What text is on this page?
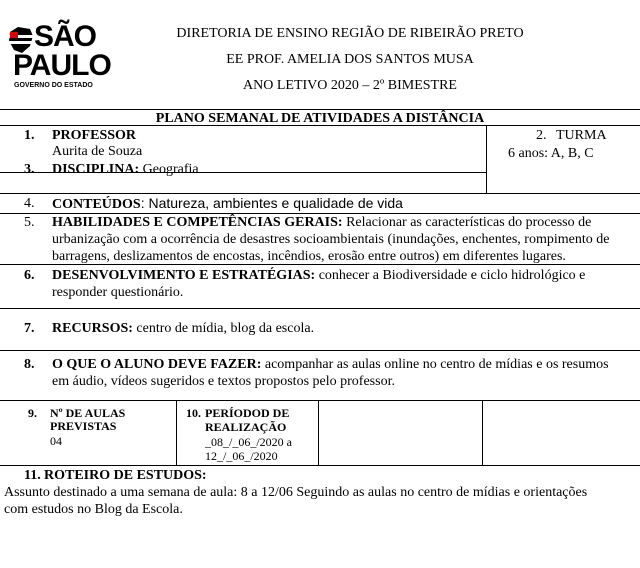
SÃO
PAULO
GOVERNO DO ESTADO
DIRETORIA DE ENSINO REGIÃO DE RIBEIRÃO PRETO
EE PROF. AMELIA DOS SANTOS MUSA
ANO LETIVO 2020 – 2º BIMESTRE
PLANO SEMANAL DE ATIVIDADES A DISTÂNCIA
1. PROFESSOR
Aurita de Souza
2. TURMA
6 anos: A, B, C
3. DISCIPLINA: Geografia
4. CONTEÚDOS: Natureza, ambientes e qualidade de vida
5. HABILIDADES E COMPETÊNCIAS GERAIS: Relacionar as características do processo de
urbanização com a ocorrência de desastres socioambientais (inundações, enchentes, rompimento de
barragens, deslizamentos de encostas, incêndios, erosão entre outros) em diferentes lugares.
6. DESENVOLVIMENTO E ESTRATÉGIAS: conhecer a Biodiversidade e ciclo hidrológico e
responder questionário.
7. RECURSOS: centro de mídia, blog da escola.
8. O QUE O ALUNO DEVE FAZER: acompanhar as aulas online no centro de mídias e os resumos
em áudio, vídeos sugeridos e textos propostos pelo professor.
9. Nº DE AULAS
PREVISTAS
04
10. PERÍODOD DE
REALIZAÇÃO
_08_/_06_/2020 a
12_/_06_/2020
11. ROTEIRO DE ESTUDOS:
Assunto destinado a uma semana de aula: 8 a 12/06 Seguindo as aulas no centro de mídias e orientações
com estudos no Blog da Escola.
